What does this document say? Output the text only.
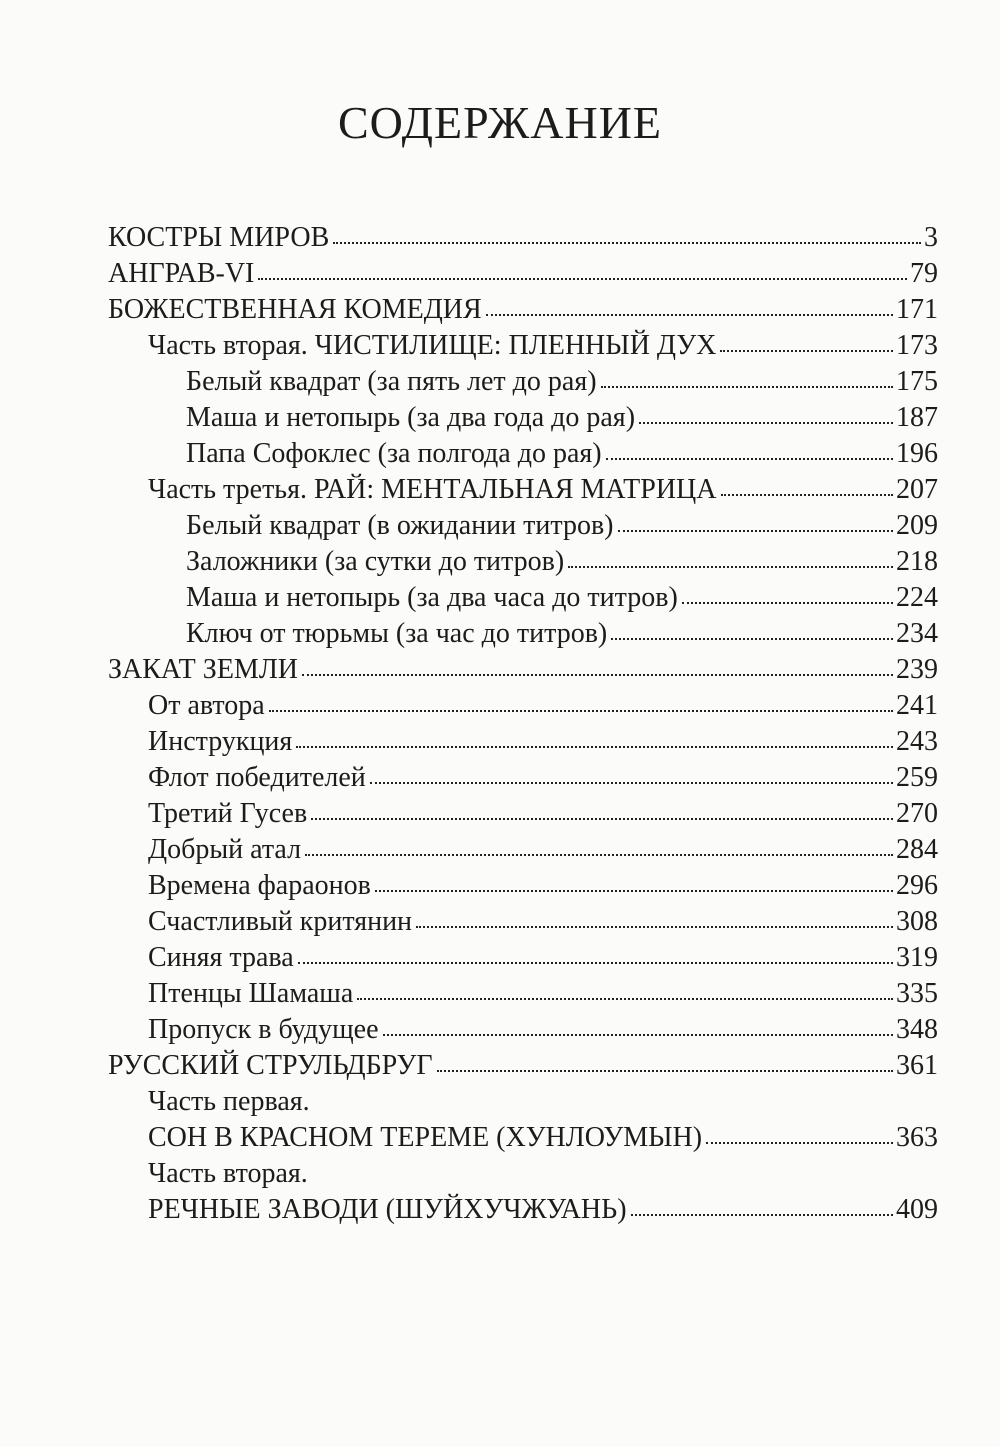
СОДЕРЖАНИЕ
КОСТРЫ МИРОВ	3
АНГРАВ-VI	79
БОЖЕСТВЕННАЯ КОМЕДИЯ	171
Часть вторая. ЧИСТИЛИЩЕ: ПЛЕННЫЙ ДУХ	173
Белый квадрат (за пять лет до рая)	175
Маша и нетопырь (за два года до рая)	187
Папа Софоклес (за полгода до рая)	196
Часть третья. РАЙ: МЕНТАЛЬНАЯ МАТРИЦА	207
Белый квадрат (в ожидании титров)	209
Заложники (за сутки до титров)	218
Маша и нетопырь (за два часа до титров)	224
Ключ от тюрьмы (за час до титров)	234
ЗАКАТ ЗЕМЛИ	239
От автора	241
Инструкция	243
Флот победителей	259
Третий Гусев	270
Добрый атал	284
Времена фараонов	296
Счастливый критянин	308
Синяя трава	319
Птенцы Шамаша	335
Пропуск в будущее	348
РУССКИЙ СТРУЛЬДБРУГ	361
Часть первая.
СОН В КРАСНОМ ТЕРЕМЕ (ХУНЛОУМЫН)	363
Часть вторая.
РЕЧНЫЕ ЗАВОДИ (ШУЙХУЧЖУАНЬ)	409
